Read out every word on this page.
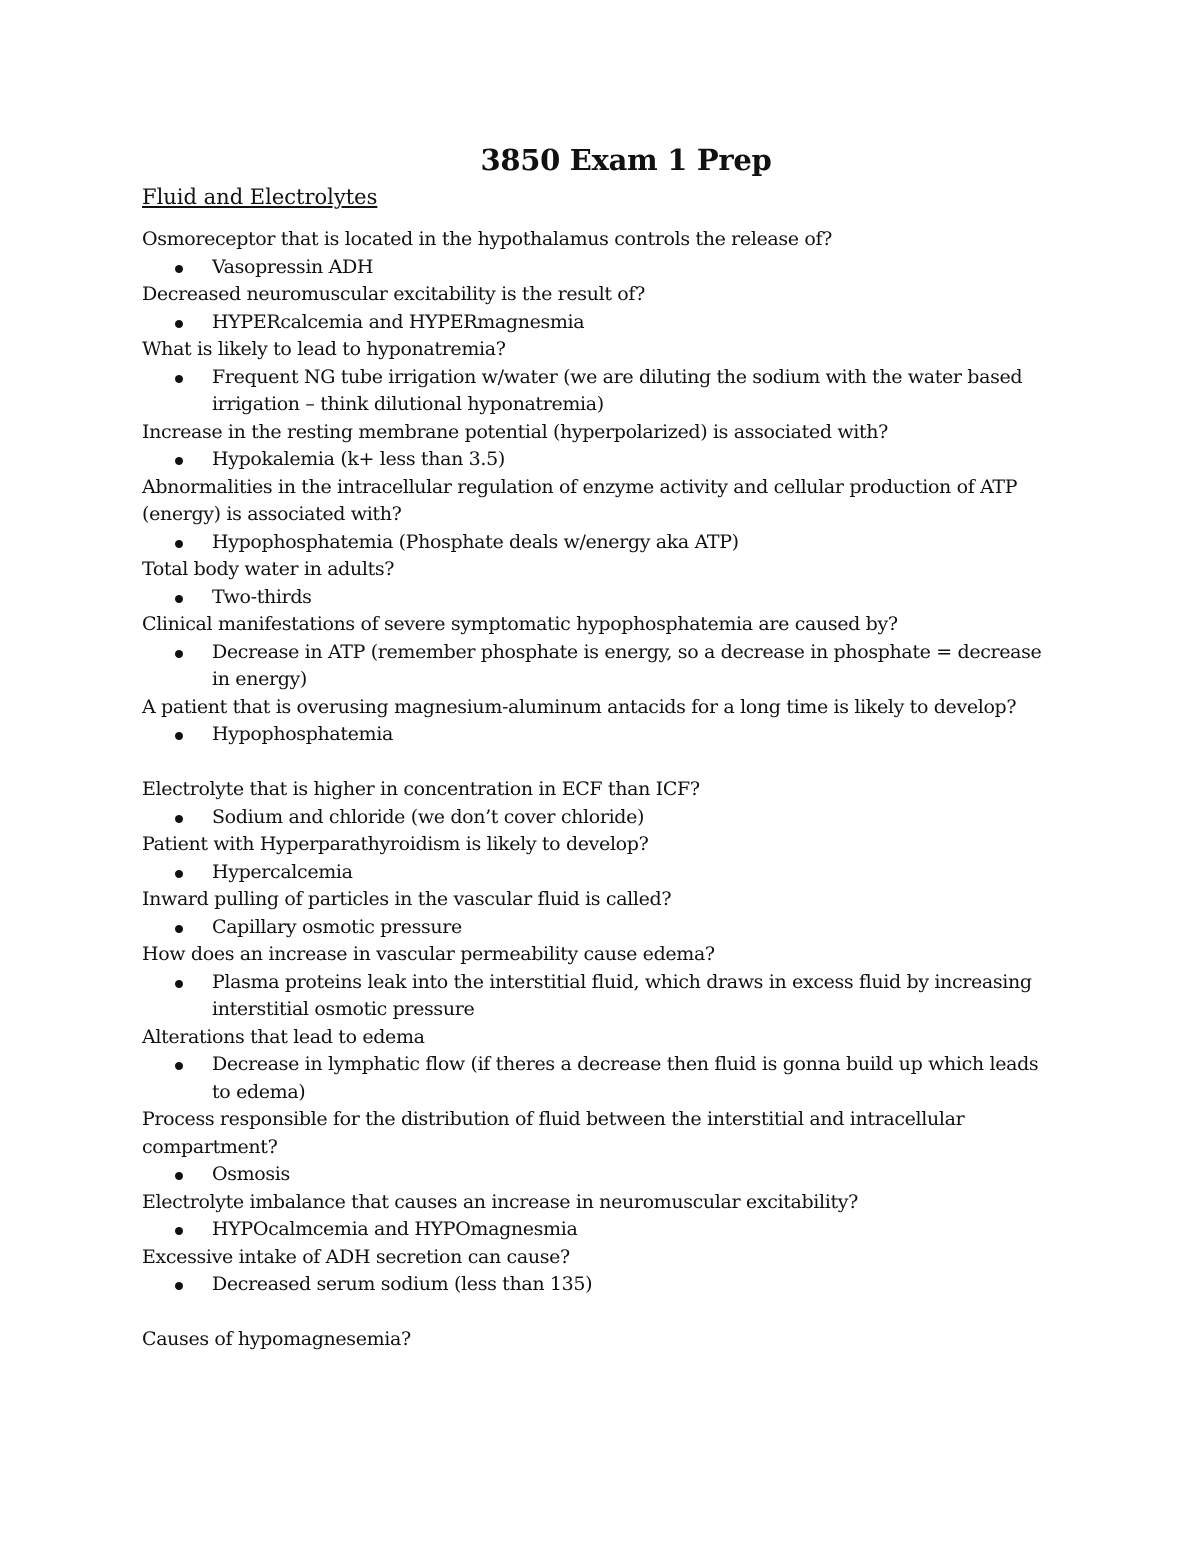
3850 Exam 1 Prep
Fluid and Electrolytes

Osmoreceptor that is located in the hypothalamus controls the release of?

Vasopressin ADH

Decreased neuromuscular excitability is the result of?

HYPERcalcemia and HYPERmagnesmia

What is likely to lead to hyponatremia?

Frequent NG tube irrigation w/water (we are diluting the sodium with the water based irrigation – think dilutional hyponatremia)

Increase in the resting membrane potential (hyperpolarized) is associated with?

Hypokalemia (k+ less than 3.5)

Abnormalities in the intracellular regulation of enzyme activity and cellular production of ATP (energy) is associated with?

Hypophosphatemia (Phosphate deals w/energy aka ATP)

Total body water in adults?

Two-thirds

Clinical manifestations of severe symptomatic hypophosphatemia are caused by?

Decrease in ATP (remember phosphate is energy, so a decrease in phosphate = decrease in energy)

A patient that is overusing magnesium-aluminum antacids for a long time is likely to develop?

Hypophosphatemia

Electrolyte that is higher in concentration in ECF than ICF?

Sodium and chloride (we don’t cover chloride)

Patient with Hyperparathyroidism is likely to develop?

Hypercalcemia

Inward pulling of particles in the vascular fluid is called?

Capillary osmotic pressure

How does an increase in vascular permeability cause edema?

Plasma proteins leak into the interstitial fluid, which draws in excess fluid by increasing interstitial osmotic pressure

Alterations that lead to edema

Decrease in lymphatic flow (if theres a decrease then fluid is gonna build up which leads to edema)

Process responsible for the distribution of fluid between the interstitial and intracellular compartment?

Osmosis

Electrolyte imbalance that causes an increase in neuromuscular excitability?

HYPOcalmcemia and HYPOmagnesmia

Excessive intake of ADH secretion can cause?

Decreased serum sodium (less than 135)

Causes of hypomagnesemia?
